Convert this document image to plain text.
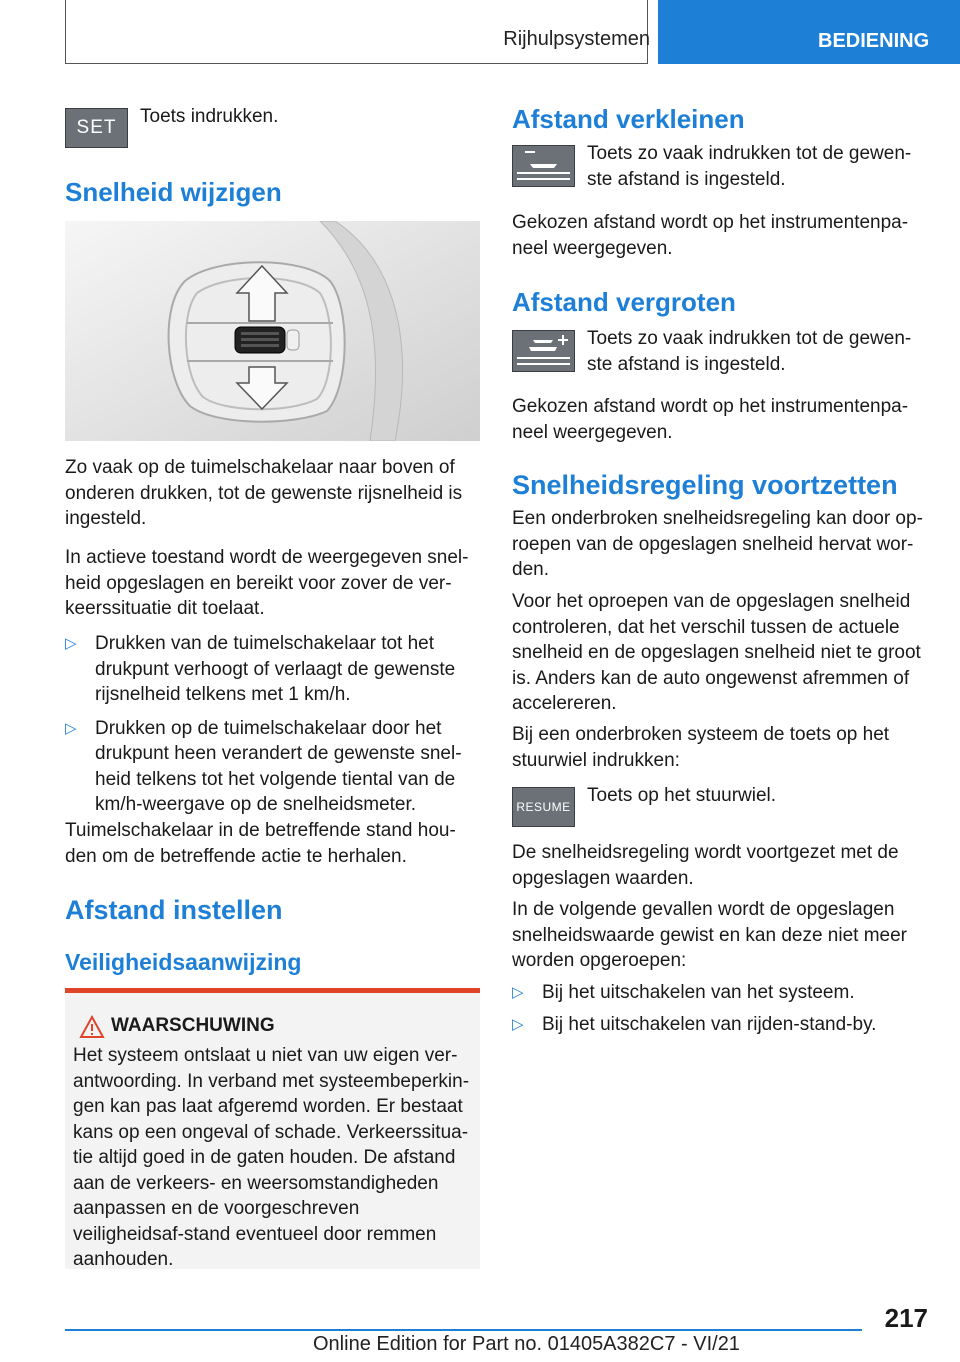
Rijhulpsystemen	BEDIENING
SET

Toets indrukken.

Snelheid wijzigen

Zo vaak op de tuimelschakelaar naar boven of onderen drukken, tot de gewenste rijsnelheid is ingesteld.

In actieve toestand wordt de weergegeven snel-heid opgeslagen en bereikt voor zover de ver-keerssituatie dit toelaat.

▷ Drukken van de tuimelschakelaar tot het drukpunt verhoogt of verlaagt de gewenste rijsnelheid telkens met 1 km/h.
▷ Drukken op de tuimelschakelaar door het drukpunt heen verandert de gewenste snel-heid telkens tot het volgende tiental van de km/h-weergave op de snelheidsmeter.

Tuimelschakelaar in de betreffende stand hou-den om de betreffende actie te herhalen.

Afstand instellen
Veiligheidsaanwijzing
WAARSCHUWING

Het systeem ontslaat u niet van uw eigen ver-antwoording. In verband met systeembeperkin-gen kan pas laat afgeremd worden. Er bestaat kans op een ongeval of schade. Verkeerssitua-tie altijd goed in de gaten houden. De afstand aan de verkeers- en weersomstandigheden aanpassen en de voorgeschreven veiligheidsaf-stand eventueel door remmen aanhouden.

Afstand verkleinen

Toets zo vaak indrukken tot de gewen-ste afstand is ingesteld.

Gekozen afstand wordt op het instrumentenpa-neel weergegeven.

Afstand vergroten

Toets zo vaak indrukken tot de gewen-ste afstand is ingesteld.

Gekozen afstand wordt op het instrumentenpa-neel weergegeven.

Snelheidsregeling voortzetten

Een onderbroken snelheidsregeling kan door op-roepen van de opgeslagen snelheid hervat wor-den.

Voor het oproepen van de opgeslagen snelheid controleren, dat het verschil tussen de actuele snelheid en de opgeslagen snelheid niet te groot is. Anders kan de auto ongewenst afremmen of accelereren.

Bij een onderbroken systeem de toets op het stuurwiel indrukken:

RESUME

Toets op het stuurwiel.

De snelheidsregeling wordt voortgezet met de opgeslagen waarden.

In de volgende gevallen wordt de opgeslagen snelheidswaarde gewist en kan deze niet meer worden opgeroepen:

▷ Bij het uitschakelen van het systeem.
▷ Bij het uitschakelen van rijden-stand-by.
217
Online Edition for Part no. 01405A382C7 - VI/21
